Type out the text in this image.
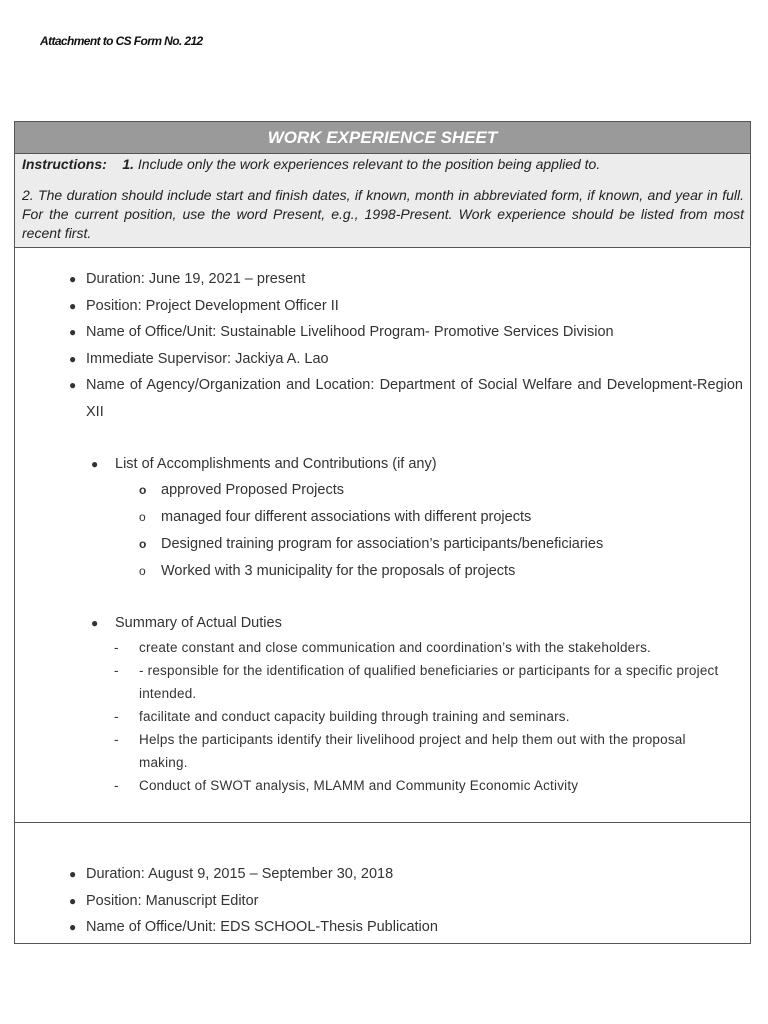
Attachment to CS Form No. 212
WORK EXPERIENCE SHEET
Instructions: 1. Include only the work experiences relevant to the position being applied to.
2. The duration should include start and finish dates, if known, month in abbreviated form, if known, and year in full. For the current position, use the word Present, e.g., 1998-Present. Work experience should be listed from most recent first.
● Duration: June 19, 2021 – present
● Position: Project Development Officer II
● Name of Office/Unit: Sustainable Livelihood Program- Promotive Services Division
● Immediate Supervisor: Jackiya A. Lao
● Name of Agency/Organization and Location: Department of Social Welfare and Development-Region XII
● List of Accomplishments and Contributions (if any)
o approved Proposed Projects
o managed four different associations with different projects
o Designed training program for association’s participants/beneficiaries
o Worked with 3 municipality for the proposals of projects
● Summary of Actual Duties
- create constant and close communication and coordination’s with the stakeholders.
- - responsible for the identification of qualified beneficiaries or participants for a specific project intended.
- facilitate and conduct capacity building through training and seminars.
- Helps the participants identify their livelihood project and help them out with the proposal making.
- Conduct of SWOT analysis, MLAMM and Community Economic Activity
● Duration: August 9, 2015 – September 30, 2018
● Position: Manuscript Editor
● Name of Office/Unit: EDS SCHOOL-Thesis Publication
